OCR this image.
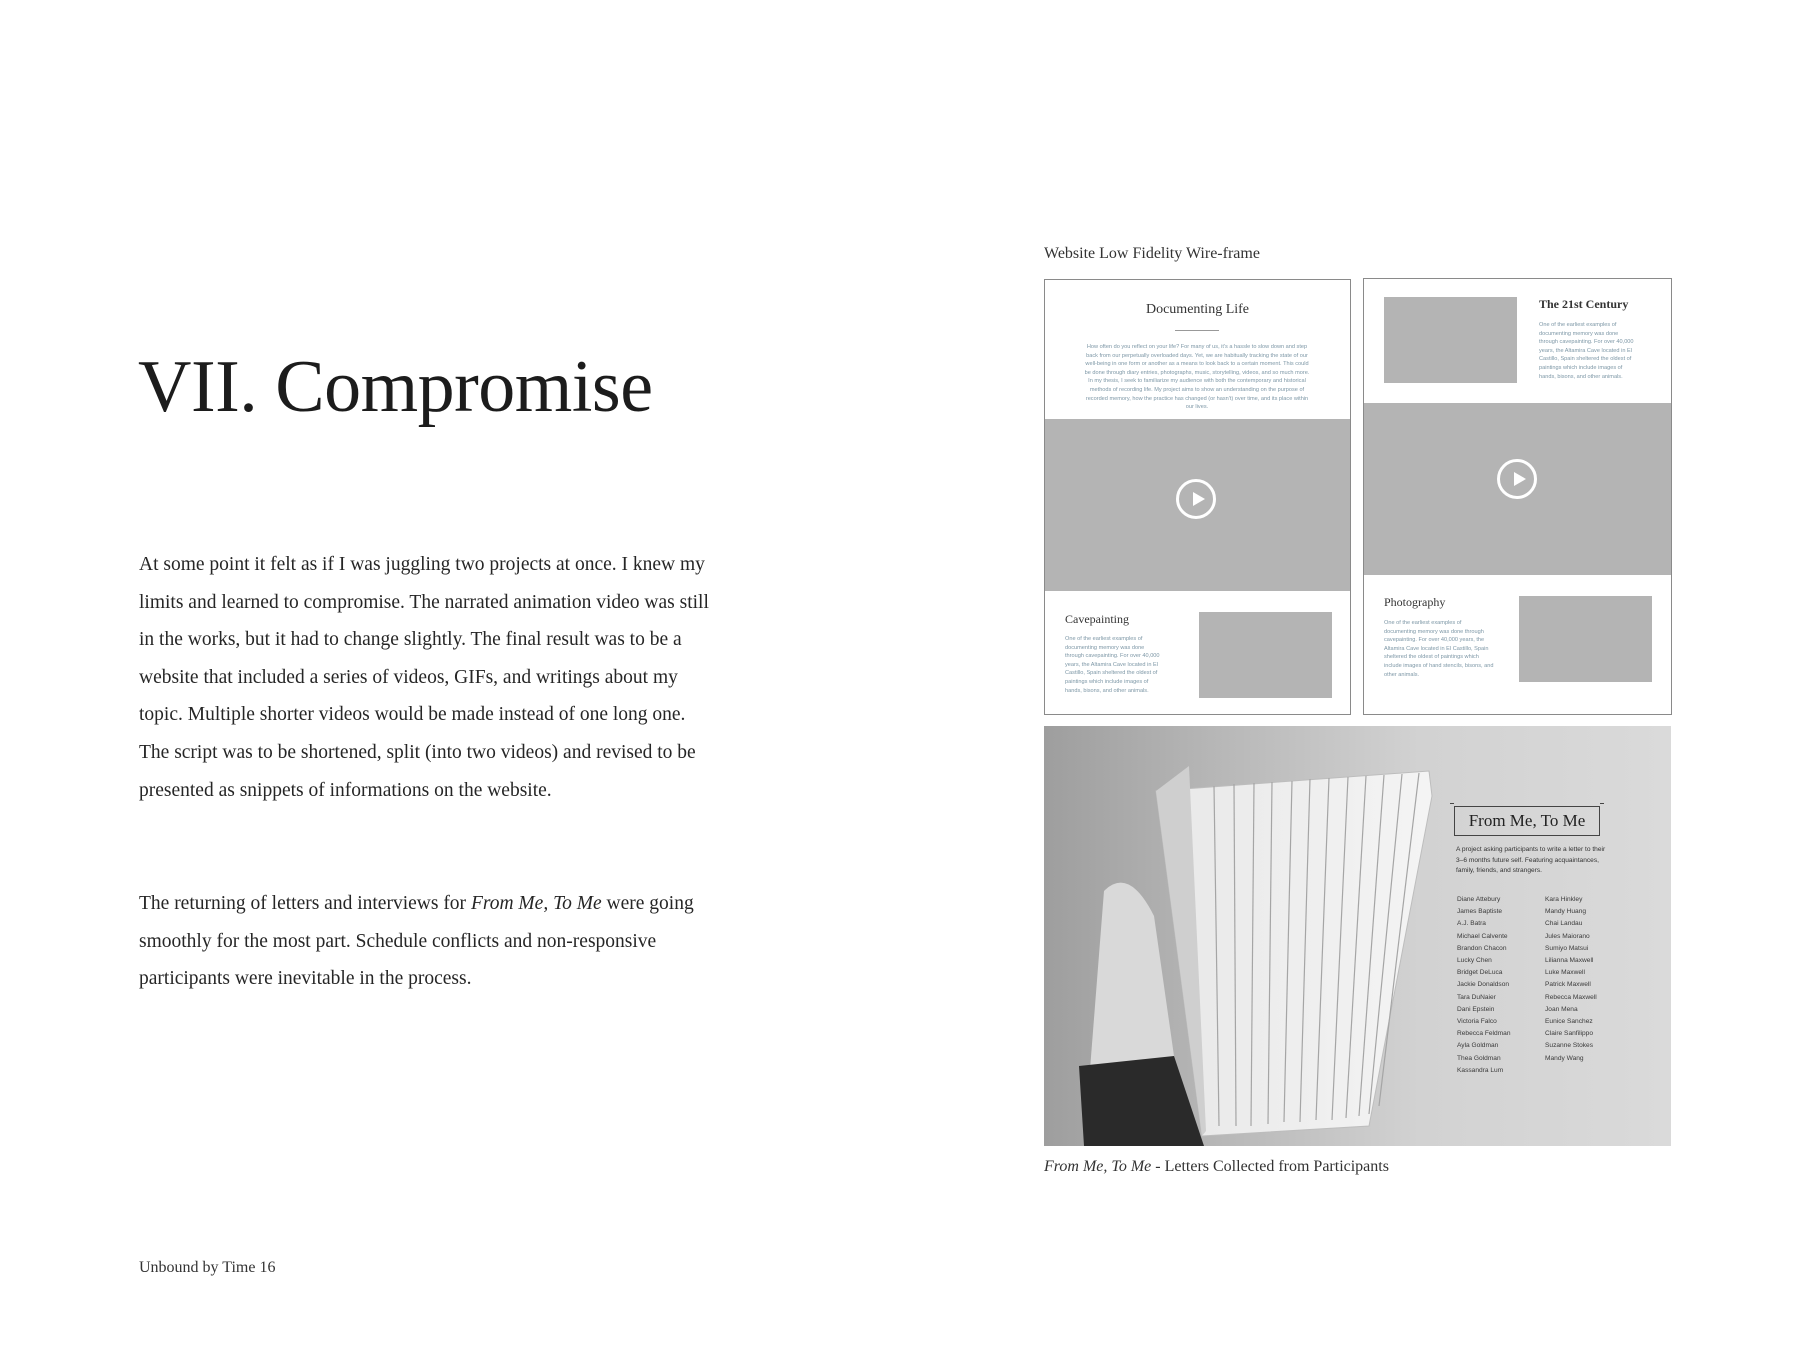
VII. Compromise

At some point it felt as if I was juggling two projects at once. I knew my limits and learned to compromise. The narrated animation video was still in the works, but it had to change slightly. The final result was to be a website that included a series of videos, GIFs, and writings about my topic. Multiple shorter videos would be made instead of one long one. The script was to be shortened, split (into two videos) and revised to be presented as snippets of informations on the website.

The returning of letters and interviews for From Me, To Me were going smoothly for the most part. Schedule conflicts and non-responsive participants were inevitable in the process.

Unbound by Time 16
Website Low Fidelity Wire-frame
Documenting Life
How often do you reflect on your life? For many of us, it's a hassle to slow down and step back from our perpetually overloaded days. Yet, we are habitually tracking the state of our well-being in one form or another as a means to look back to a certain moment. This could be done through diary entries, photographs, music, storytelling, videos, and so much more. In my thesis, I seek to familiarize my audience with both the contemporary and historical methods of recording life. My project aims to show an understanding on the purpose of recorded memory, how the practice has changed (or hasn't) over time, and its place within our lives.
Cavepainting
One of the earliest examples of documenting memory was done through cavepainting. For over 40,000 years, the Altamira Cave located in El Castillo, Spain sheltered the oldest of paintings which include images of hands, bisons, and other animals.
The 21st Century
One of the earliest examples of documenting memory was done through cavepainting. For over 40,000 years, the Altamira Cave located in El Castillo, Spain sheltered the oldest of paintings which include images of hands, bisons, and other animals.
Photography
One of the earliest examples of documenting memory was done through cavepainting. For over 40,000 years, the Altamira Cave located in El Castillo, Spain sheltered the oldest of paintings which include images of hand stencils, bisons, and other animals.
From Me, To Me
A project asking participants to write a letter to their 3–6 months future self. Featuring acquaintances, family, friends, and strangers.
Diane Attebury
James Baptiste
A.J. Batra
Michael Calvente
Brandon Chacon
Lucky Chen
Bridget DeLuca
Jackie Donaldson
Tara DuNaier
Dani Epstein
Victoria Falco
Rebecca Feldman
Ayla Goldman
Thea Goldman
Kassandra Lum
Kara Hinkley
Mandy Huang
Chai Landau
Jules Maiorano
Sumiyo Matsui
Lilianna Maxwell
Luke Maxwell
Patrick Maxwell
Rebecca Maxwell
Joan Mena
Eunice Sanchez
Claire Sanfilippo
Suzanne Stokes
Mandy Wang
From Me, To Me - Letters Collected from Participants
